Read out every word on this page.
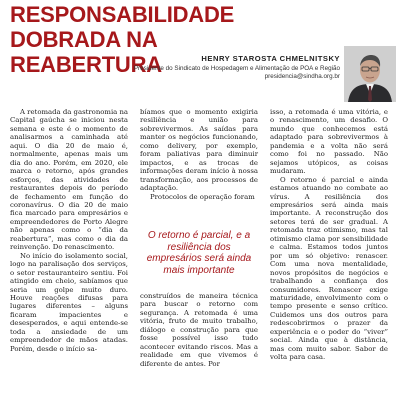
RESPONSABILIDADE DOBRADA NA REABERTURA	HENRY STAROSTA CHMELNITSKY
Presidente do Sindicato de Hospedagem e Alimentação de POA e Região
presidencia@sindha.org.br

A retomada da gastronomia na Capital gaúcha se iniciou nesta semana e este é o momento de analisarmos a caminhada até aqui. O dia 20 de maio é, normalmente, apenas mais um dia do ano. Porém, em 2020, ele marca o retorno, após grandes esforços, das atividades de restaurantes depois do período de fechamento em função do coronavírus. O dia 20 de maio fica marcado para empresários e empreendedores de Porto Alegre não apenas como o “dia da reabertura”, mas como o dia da reinvenção. Do renascimento.

No início do isolamento social, logo na paralisação dos serviços, o setor restauranteiro sentiu. Foi atingido em cheio, sabíamos que seria um golpe muito duro. Houve reações difusas para lugares diferentes – alguns ficaram impacientes e desesperados, e aqui entende-se toda a ansiedade de um empreendedor de mãos atadas. Porém, desde o início sa-

bíamos que o momento exigiria resiliência e união para sobrevivermos. As saídas para manter os negócios funcionando, como delivery, por exemplo, foram paliativas para diminuir impactos, e as trocas de informações deram início à nossa transformação, aos processos de adaptação.

Protocolos de operação foram

O retorno é parcial, e a resiliência dos empresários será ainda mais importante

construídos de maneira técnica para buscar o retorno com segurança. A retomada é uma vitória, fruto de muito trabalho, diálogo e construção para que fosse possível isso tudo acontecer evitando riscos. Mas a realidade em que vivemos é diferente de antes. Por

isso, a retomada é uma vitória, e o renascimento, um desafio. O mundo que conhecemos está adaptado para sobrevivermos à pandemia e a volta não será como foi no passado. Não sejamos utópicos, as coisas mudaram.

O retorno é parcial e ainda estamos atuando no combate ao vírus. A resiliência dos empresários será ainda mais importante. A reconstrução dos setores terá de ser gradual. A retomada traz otimismo, mas tal otimismo clama por sensibilidade e calma. Estamos todos juntos por um só objetivo: renascer. Com uma nova mentalidade, novos propósitos de negócios e trabalhando a confiança dos consumidores. Renascer exige maturidade, envolvimento com o tempo presente e senso crítico. Cuidemos uns dos outros para redescobrirmos o prazer da experiência e o poder do “viver” social. Ainda que à distância, mas com muito sabor. Sabor de volta para casa.
